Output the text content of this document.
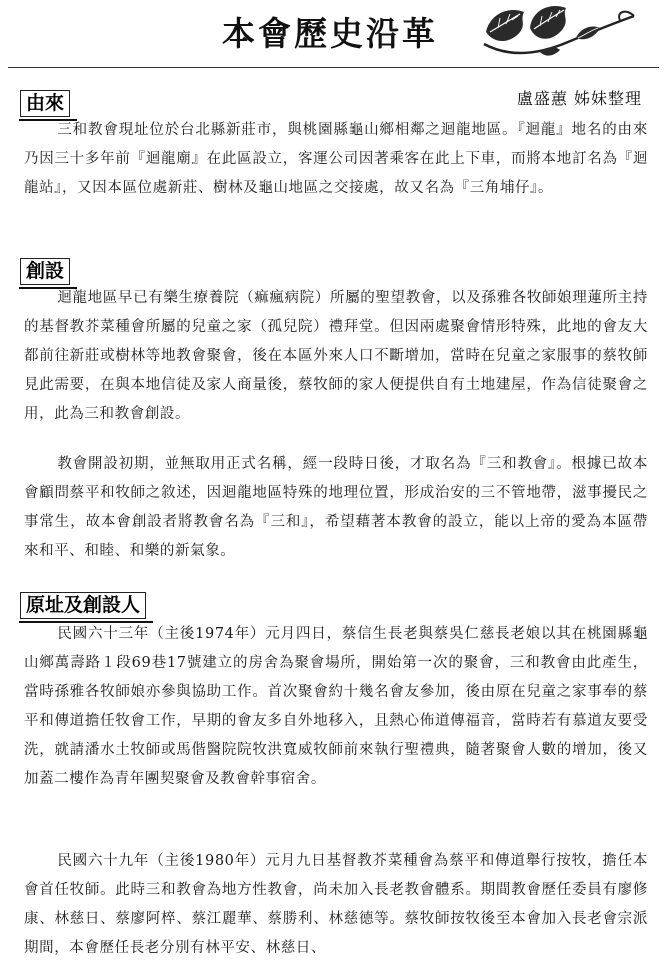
本會歷史沿革
盧盛蕙 姊妹整理
由來

三和教會現址位於台北縣新莊市，與桃園縣龜山鄉相鄰之迴龍地區。『迴龍』地名的由來乃因三十多年前『迴龍廟』在此區設立，客運公司因著乘客在此上下車，而將本地訂名為『迴龍站』，又因本區位處新莊、樹林及龜山地區之交接處，故又名為『三角埔仔』。

創設

迴龍地區早已有樂生療養院（痲瘋病院）所屬的聖望教會，以及孫雅各牧師娘理蓮所主持的基督教芥菜種會所屬的兒童之家（孤兒院）禮拜堂。但因兩處聚會情形特殊，此地的會友大都前往新莊或樹林等地教會聚會，後在本區外來人口不斷增加，當時在兒童之家服事的蔡牧師見此需要，在與本地信徒及家人商量後，蔡牧師的家人便提供自有土地建屋，作為信徒聚會之用，此為三和教會創設。

教會開設初期，並無取用正式名稱，經一段時日後，才取名為『三和教會』。根據已故本會顧問蔡平和牧師之敘述，因迴龍地區特殊的地理位置，形成治安的三不管地帶，滋事擾民之事常生，故本會創設者將教會名為『三和』，希望藉著本教會的設立，能以上帝的愛為本區帶來和平、和睦、和樂的新氣象。

原址及創設人

民國六十三年（主後1974年）元月四日，蔡信生長老與蔡吳仁慈長老娘以其在桃園縣龜山鄉萬壽路１段69巷17號建立的房舍為聚會場所，開始第一次的聚會，三和教會由此產生，當時孫雅各牧師娘亦參與協助工作。首次聚會約十幾名會友參加，後由原在兒童之家事奉的蔡平和傳道擔任牧會工作，早期的會友多自外地移入，且熱心佈道傳福音，當時若有慕道友要受洗，就請潘水土牧師或馬偕醫院院牧洪寬威牧師前來執行聖禮典，隨著聚會人數的增加，後又加蓋二樓作為青年團契聚會及教會幹事宿舍。

民國六十九年（主後1980年）元月九日基督教芥菜種會為蔡平和傳道舉行按牧，擔任本會首任牧師。此時三和教會為地方性教會，尚未加入長老教會體系。期間教會歷任委員有廖修康、林慈日、蔡廖阿椊、蔡江麗華、蔡勝利、林慈德等。蔡牧師按牧後至本會加入長老會宗派期間，本會歷任長老分別有林平安、林慈日、
